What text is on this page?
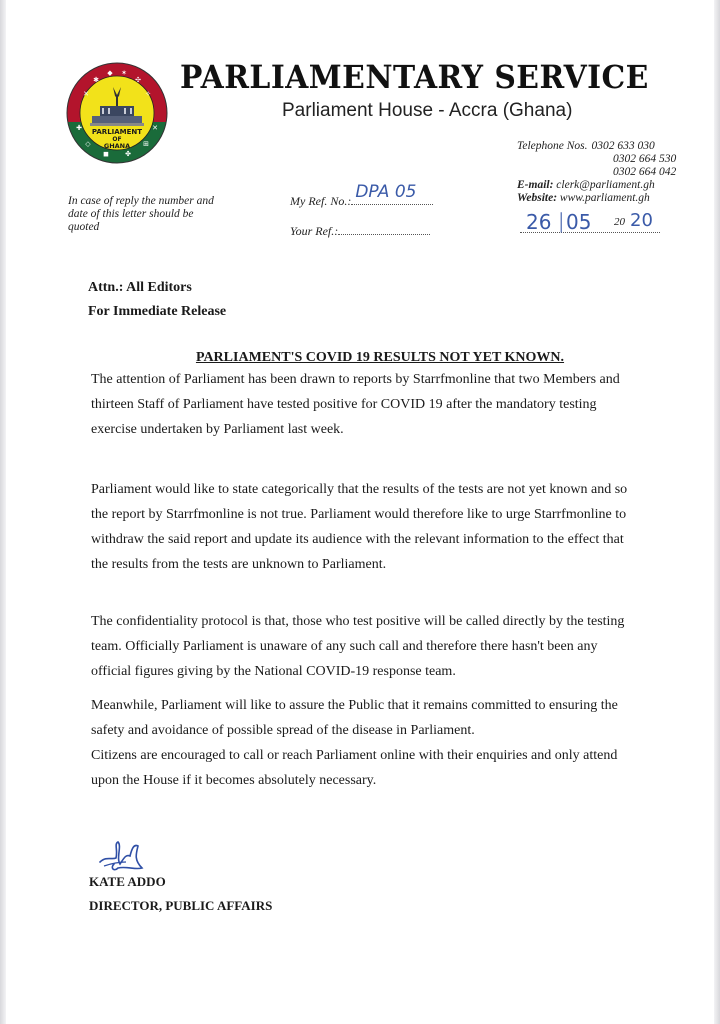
✕
✱
◆ ✶
✣
✧
✚
◇
◼ ✤
⊞
✕
PARLIAMENT
OF
GHANA
PARLIAMENTARY SERVICE
Parliament House - Accra (Ghana)
Telephone Nos. 0302 633 030
0302 664 530
0302 664 042
E-mail: clerk@parliament.gh
Website: www.parliament.gh
26 | 05 20 20
In case of reply the number and date of this letter should be quoted
My Ref. No.: DPA 05
Your Ref.:
Attn.: All Editors
For Immediate Release
PARLIAMENT'S COVID 19 RESULTS NOT YET KNOWN.
The attention of Parliament has been drawn to reports by Starrfmonline that two Members and thirteen Staff of Parliament have tested positive for COVID 19 after the mandatory testing exercise undertaken by Parliament last week.
Parliament would like to state categorically that the results of the tests are not yet known and so the report by Starrfmonline is not true. Parliament would therefore like to urge Starrfmonline to withdraw the said report and update its audience with the relevant information to the effect that the results from the tests are unknown to Parliament.
The confidentiality protocol is that, those who test positive will be called directly by the testing team. Officially Parliament is unaware of any such call and therefore there hasn't been any official figures giving by the National COVID-19 response team.
Meanwhile, Parliament will like to assure the Public that it remains committed to ensuring the safety and avoidance of possible spread of the disease in Parliament.
Citizens are encouraged to call or reach Parliament online with their enquiries and only attend upon the House if it becomes absolutely necessary.
KATE ADDO
DIRECTOR, PUBLIC AFFAIRS
